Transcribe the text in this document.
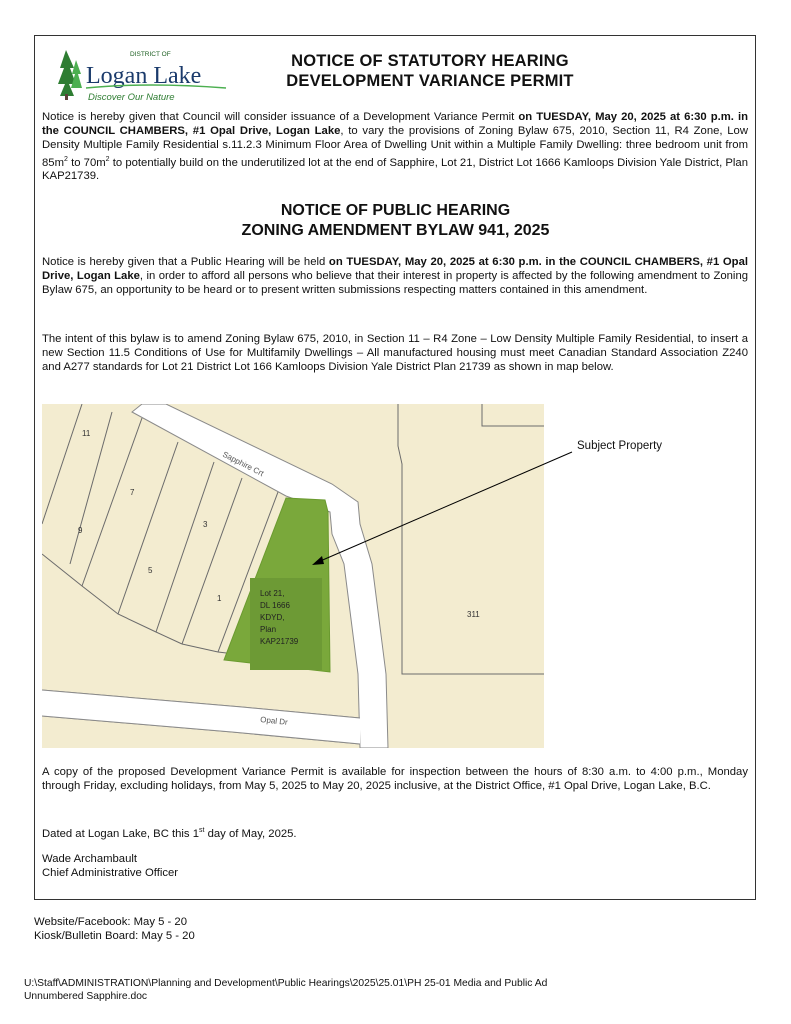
DISTRICT OF
Logan Lake
Discover Our Nature
NOTICE OF STATUTORY HEARING
DEVELOPMENT VARIANCE PERMIT
Notice is hereby given that Council will consider issuance of a Development Variance Permit on TUESDAY, May 20, 2025 at 6:30 p.m. in the COUNCIL CHAMBERS, #1 Opal Drive, Logan Lake, to vary the provisions of Zoning Bylaw 675, 2010, Section 11, R4 Zone, Low Density Multiple Family Residential s.11.2.3 Minimum Floor Area of Dwelling Unit within a Multiple Family Dwelling: three bedroom unit from $85m^2$ to $70m^2$ to potentially build on the underutilized lot at the end of Sapphire, Lot 21, District Lot 1666 Kamloops Division Yale District, Plan KAP21739.
NOTICE OF PUBLIC HEARING
ZONING AMENDMENT BYLAW 941, 2025
Notice is hereby given that a Public Hearing will be held on TUESDAY, May 20, 2025 at 6:30 p.m. in the COUNCIL CHAMBERS, #1 Opal Drive, Logan Lake, in order to afford all persons who believe that their interest in property is affected by the following amendment to Zoning Bylaw 675, an opportunity to be heard or to present written submissions respecting matters contained in this amendment.
The intent of this bylaw is to amend Zoning Bylaw 675, 2010, in Section 11 – R4 Zone – Low Density Multiple Family Residential, to insert a new Section 11.5 Conditions of Use for Multifamily Dwellings – All manufactured housing must meet Canadian Standard Association Z240 and A277 standards for Lot 21 District Lot 166 Kamloops Division Yale District Plan 21739 as shown in map below.
11
7
9
3
5
1
311
Lot 21,
DL 1666
KDYD,
Plan
KAP21739
Sapphire Crt
Opal Dr
Subject Property
A copy of the proposed Development Variance Permit is available for inspection between the hours of 8:30 a.m. to 4:00 p.m., Monday through Friday, excluding holidays, from May 5, 2025 to May 20, 2025 inclusive, at the District Office, #1 Opal Drive, Logan Lake, B.C.
Dated at Logan Lake, BC this 1st day of May, 2025.
Wade Archambault
Chief Administrative Officer
Website/Facebook: May 5 - 20
Kiosk/Bulletin Board: May 5 - 20
U:\Staff\ADMINISTRATION\Planning and Development\Public Hearings\2025\25.01\PH 25-01 Media and Public Ad
Unnumbered Sapphire.doc
